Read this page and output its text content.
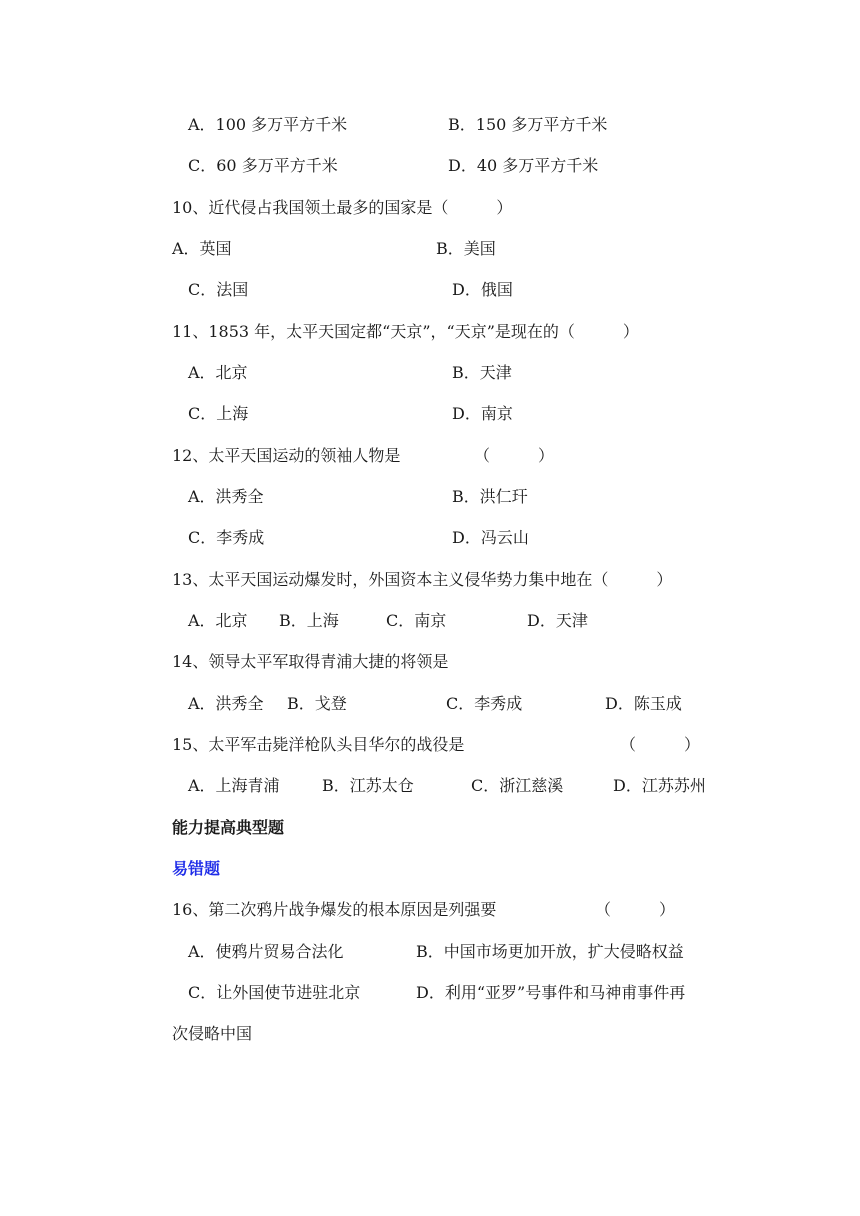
A．100 多万平方千米	B．150 多万平方千米
C．60 多万平方千米	D．40 多万平方千米
10、近代侵占我国领土最多的国家是（　　　）
A．英国	B．美国
C．法国	D．俄国
11、1853 年，太平天国定都“天京”，“天京”是现在的（　　　）
A．北京	B．天津
C．上海	D．南京
12、太平天国运动的领袖人物是	（　　　）
A．洪秀全	B．洪仁玕
C．李秀成	D．冯云山
13、太平天国运动爆发时，外国资本主义侵华势力集中地在（　　　）
A．北京 B．上海	C．南京	D．天津
14、领导太平军取得青浦大捷的将领是
A．洪秀全 B．戈登	C．李秀成	D．陈玉成
15、太平军击毙洋枪队头目华尔的战役是	（　　　）
A．上海青浦	B．江苏太仓	C．浙江慈溪	D．江苏苏州
能力提高典型题
易错题
16、第二次鸦片战争爆发的根本原因是列强要	（　　　）
A．使鸦片贸易合法化	B．中国市场更加开放，扩大侵略权益
C．让外国使节进驻北京	D．利用“亚罗”号事件和马神甫事件再
次侵略中国
